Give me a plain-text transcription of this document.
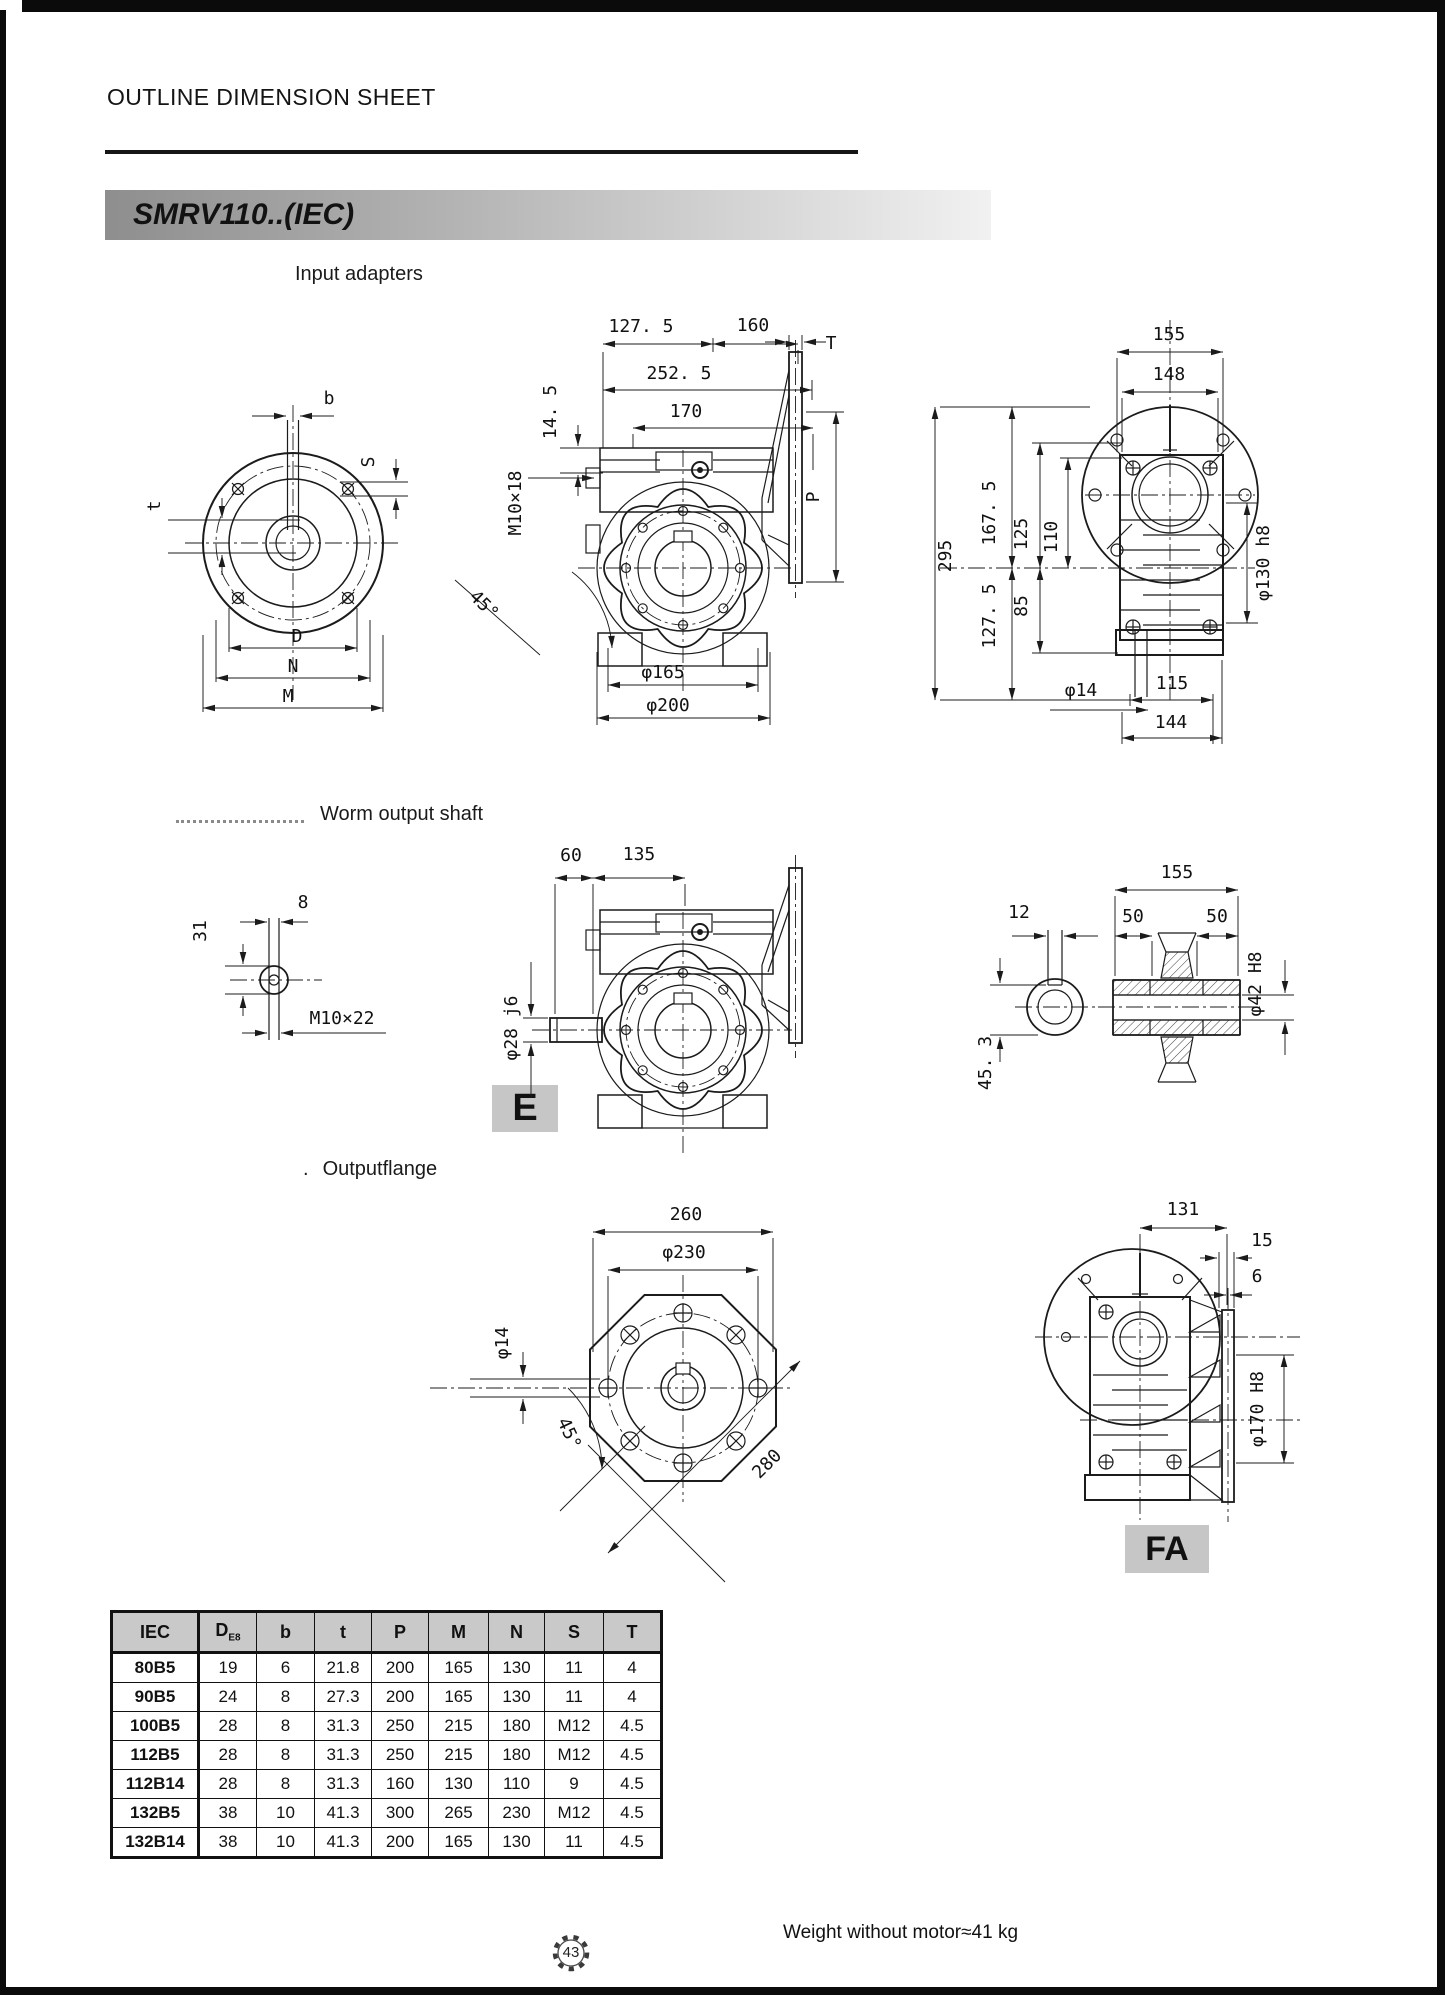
OUTLINE DIMENSION SHEET
SMRV110..(IEC)
Input adapters
Worm output shaft
. Outputflange
E
FA
b
S
t
D
N
M
127. 5	160
252. 5
170
14. 5
M10×18
T
P
45°
φ165
φ200
155
148
295
167. 5 125 110
85
127. 5
φ130 h8
φ14	115
144
8
31
M10×22
60 135
φ28 j6
12
45. 3
155
50	50
φ42 H8
260
φ230
φ14
45°
280
131
15
6
φ170 H8
IEC	$D_{E8}$	b	t	P	M	N	S	T
80B5	19	6	21.8	200	165	130	11	4
90B5	24	8	27.3	200	165	130	11	4
100B5	28	8	31.3	250	215	180	M12	4.5
112B5	28	8	31.3	250	215	180	M12	4.5
112B14	28	8	31.3	160	130	110	9	4.5
132B5	38	10	41.3	300	265	230	M12	4.5
132B14	38	10	41.3	200	165	130	11	4.5
Weight without motor≈41 kg
43
